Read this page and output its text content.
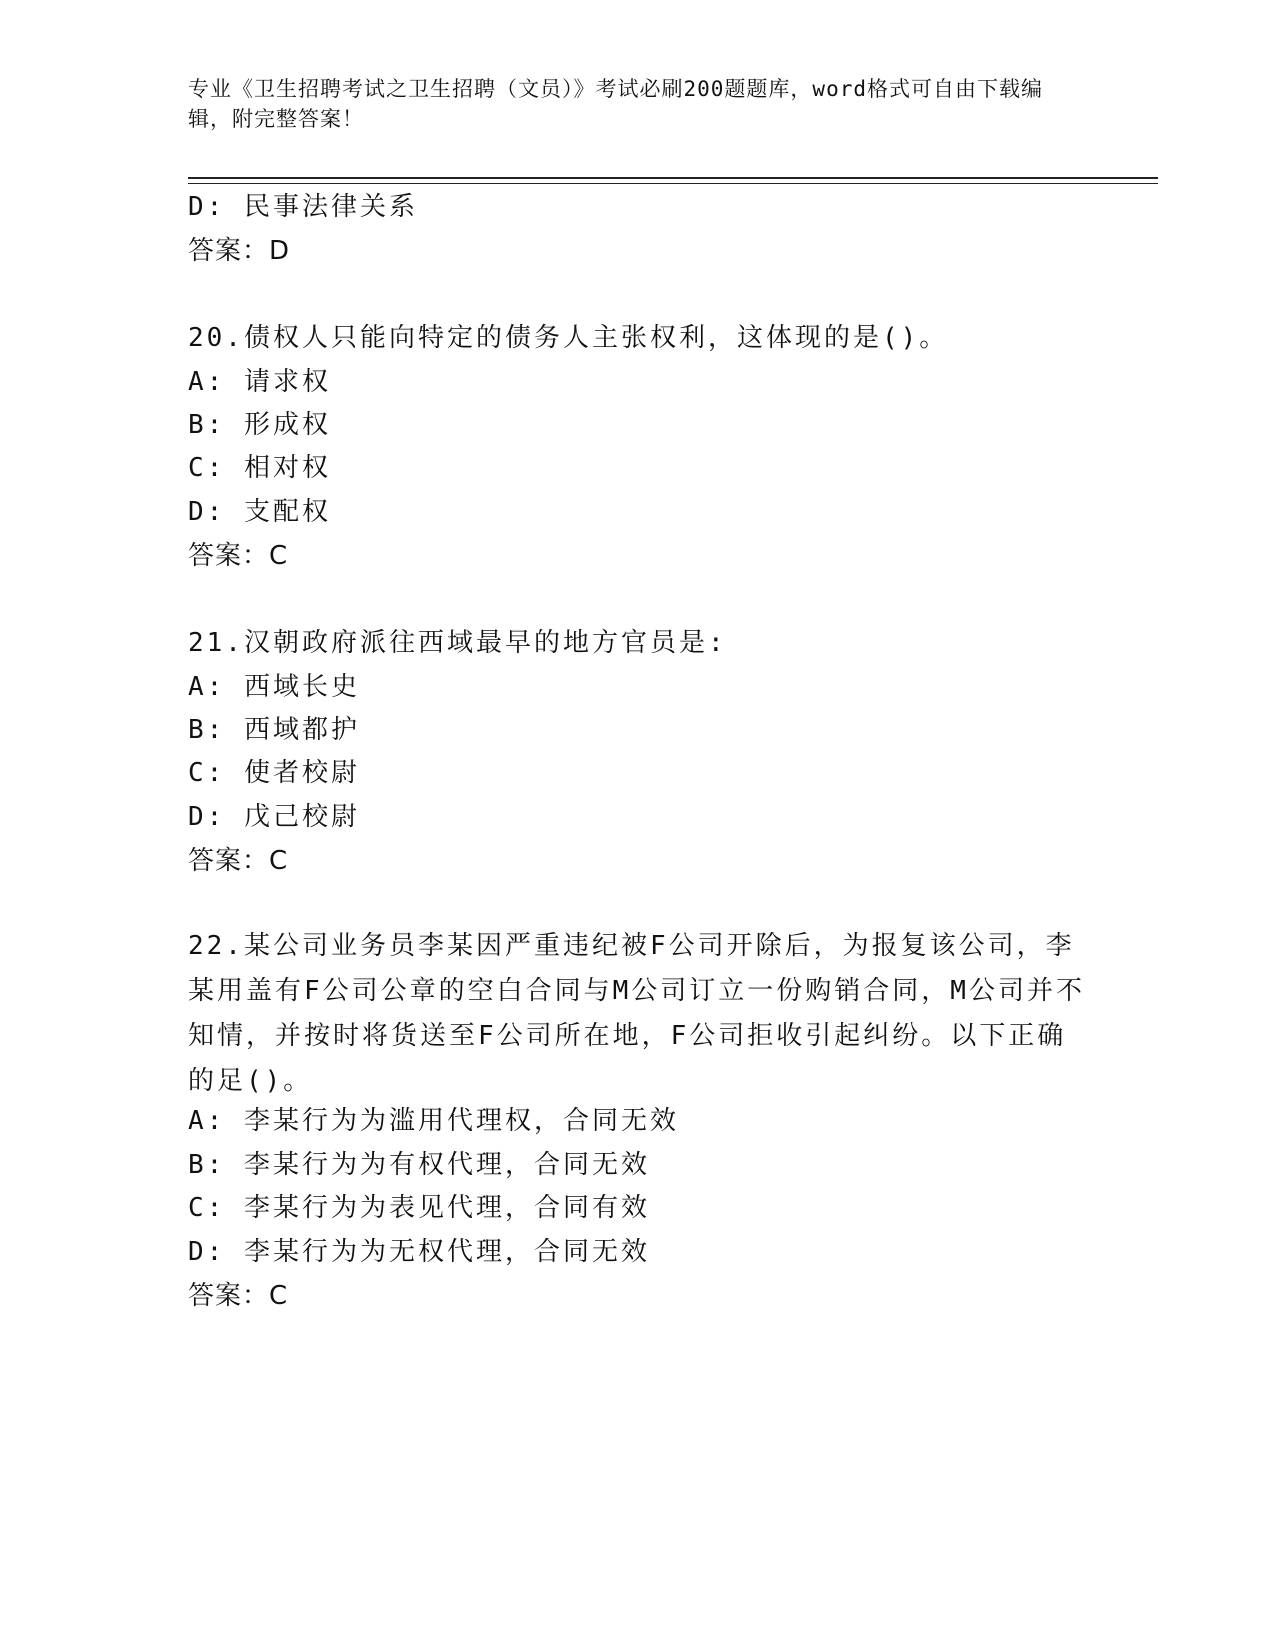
专业《卫生招聘考试之卫生招聘（文员）》考试必刷200题题库，word格式可自由下载编辑，附完整答案！
D: 民事法律关系
答案：D
20.债权人只能向特定的债务人主张权利，这体现的是()。
A: 请求权
B: 形成权
C: 相对权
D: 支配权
答案：C
21.汉朝政府派往西域最早的地方官员是:
A: 西域长史
B: 西域都护
C: 使者校尉
D: 戊己校尉
答案：C
22.某公司业务员李某因严重违纪被F公司开除后，为报复该公司，李某用盖有F公司公章的空白合同与M公司订立一份购销合同，M公司并不知情，并按时将货送至F公司所在地，F公司拒收引起纠纷。以下正确的足()。
A: 李某行为为滥用代理权，合同无效
B: 李某行为为有权代理，合同无效
C: 李某行为为表见代理，合同有效
D: 李某行为为无权代理，合同无效
答案：C
